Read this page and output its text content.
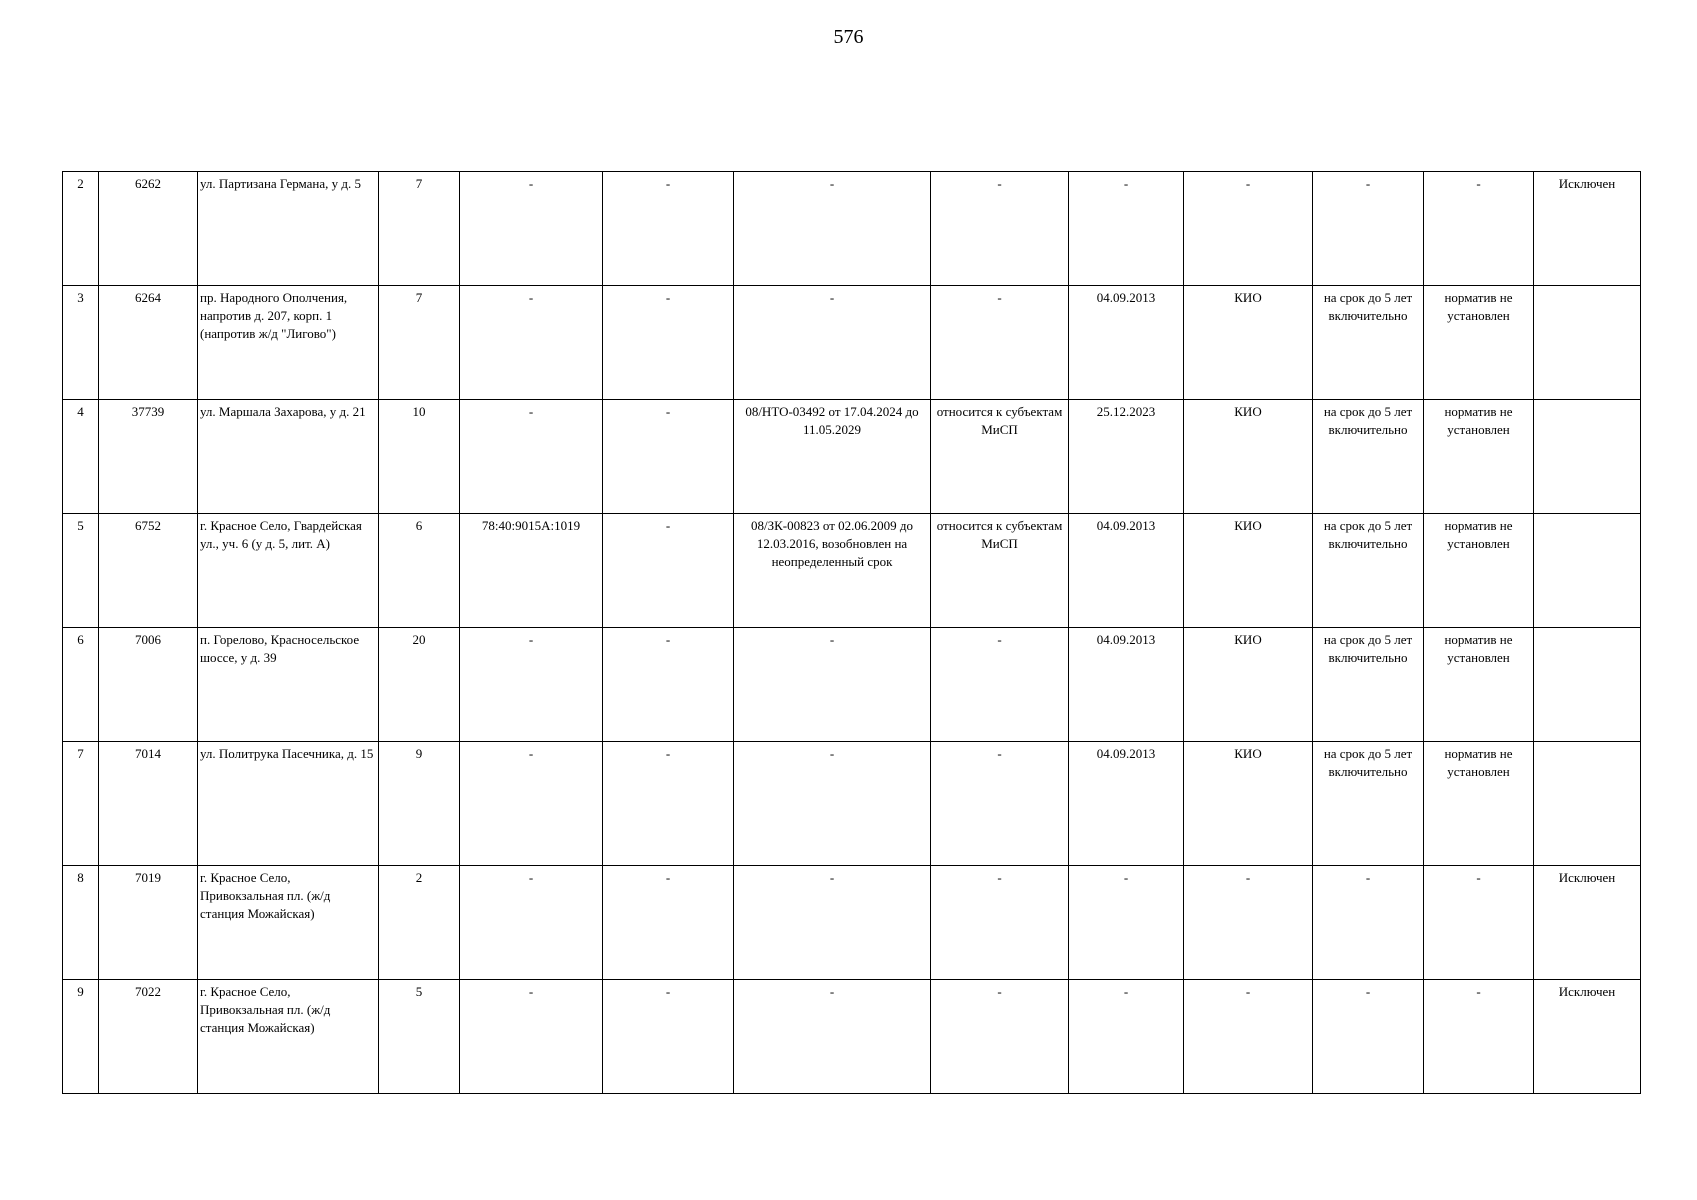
576
2	6262	ул. Партизана Германа, у д. 5	7	-	-	-	-	-	-	-	-	Исключен
3	6264	пр. Народного Ополчения, напротив д. 207, корп. 1 (напротив ж/д "Лигово")	7	-	-	-	-	04.09.2013	КИО	на срок до 5 лет включительно	норматив не установлен	
4	37739	ул. Маршала Захарова, у д. 21	10	-	-	08/НТО-03492 от 17.04.2024 до 11.05.2029	относится к субъектам МиСП	25.12.2023	КИО	на срок до 5 лет включительно	норматив не установлен	
5	6752	г. Красное Село, Гвардейская ул., уч. 6 (у д. 5, лит. А)	6	78:40:9015А:1019	-	08/ЗК-00823 от 02.06.2009 до 12.03.2016, возобновлен на неопределенный срок	относится к субъектам МиСП	04.09.2013	КИО	на срок до 5 лет включительно	норматив не установлен	
6	7006	п. Горелово, Красносельское шоссе, у д. 39	20	-	-	-	-	04.09.2013	КИО	на срок до 5 лет включительно	норматив не установлен	
7	7014	ул. Политрука Пасечника, д. 15	9	-	-	-	-	04.09.2013	КИО	на срок до 5 лет включительно	норматив не установлен	
8	7019	г. Красное Село, Привокзальная пл. (ж/д станция Можайская)	2	-	-	-	-	-	-	-	-	Исключен
9	7022	г. Красное Село, Привокзальная пл. (ж/д станция Можайская)	5	-	-	-	-	-	-	-	-	Исключен
